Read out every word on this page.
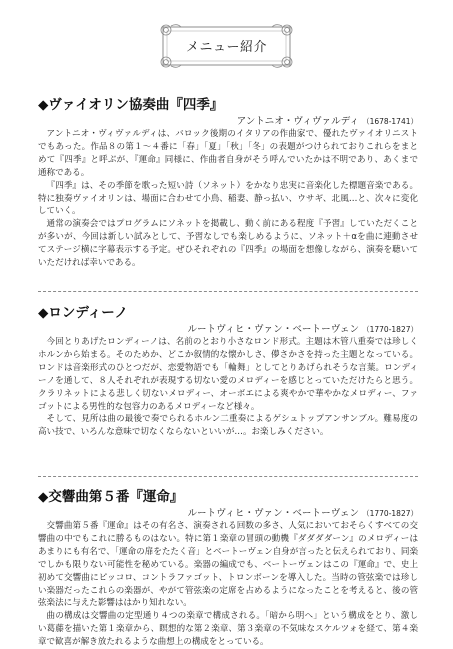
メニュー紹介

◆ヴァイオリン協奏曲『四季』

アントニオ・ヴィヴァルディ （1678-1741）

アントニオ・ヴィヴァルディは、バロック後期のイタリアの作曲家で、優れたヴァイオリニストでもあった。作品８の第１～４番に「春」「夏」「秋」「冬」の表題がつけられておりこれらをまとめて『四季』と呼ぶが、『運命』同様に、作曲者自身がそう呼んでいたかは不明であり、あくまで通称である。

『四季』は、その季節を歌った短い詩（ソネット）をかなり忠実に音楽化した標題音楽である。特に独奏ヴァイオリンは、場面に合わせて小鳥、稲妻、静っ払い、ウサギ、北風…と、次々に変化していく。

通常の演奏会ではプログラムにソネットを掲載し、動く前にある程度『予習』していただくことが多いが、今回は新しい試みとして、予習なしでも楽しめるように、ソネット＋αを曲に連動させてステージ横に字幕表示する予定。ぜひそれぞれの『四季』の場面を想像しながら、演奏を聴いていただければ幸いである。

◆ロンディーノ

ルートヴィヒ・ヴァン・ベートーヴェン （1770-1827）

今回とりあげたロンディーノは、名前のとおり小さなロンド形式。主題は木管八重奏では珍しくホルンから始まる。そのためか、どこか叙情的な懐かしさ、儚さかさを持った主題となっている。ロンドは音楽形式のひとつだが、恋愛物語でも「輪舞」としてとりあげられそうな言葉。ロンディーノを通して、８人それぞれが表現する切ない愛のメロディーを感じとっていただけたらと思う。クラリネットによる悲しく切ないメロディー、オーボエによる爽やかで華やかなメロディー、ファゴットによる男性的な包容力のあるメロディーなど様々。

そして、見所は曲の最後で奏でられるホルン二重奏によるゲシュトップアンサンブル。難易度の高い技で、いろんな意味で切なくならないといいが…。お楽しみください。

◆交響曲第５番『運命』

ルートヴィヒ・ヴァン・ベートーヴェン （1770-1827）

交響曲第５番『運命』はその有名さ、演奏される回数の多さ、人気においておそらくすべての交響曲の中でもこれに勝るものはない。特に第１楽章の冒頭の動機『ダダダダーン』のメロディーはあまりにも有名で、「運命の扉をたたく音」とベートーヴェン自身が言ったと伝えられており、同楽でしかも限りない可能性を秘めている。楽器の編成でも、ベートーヴェンはこの『運命』で、史上初めて交響曲にピッコロ、コントラファゴット、トロンボーンを導入した。当時の管弦楽では珍しい楽器だったこれらの楽器が、やがて管弦楽の定席を占めるようになったことを考えると、後の管弦楽法に与えた影響ははかり知れない。

曲の構成は交響曲の定型通り４つの楽章で構成される。「暗から明へ」という構成をとり、激しい葛藤を描いた第１楽章から、瞑想的な第２楽章、第３楽章の不気味なスケルツォを経て、第４楽章で歓喜が解き放たれるような曲想上の構成をとっている。
